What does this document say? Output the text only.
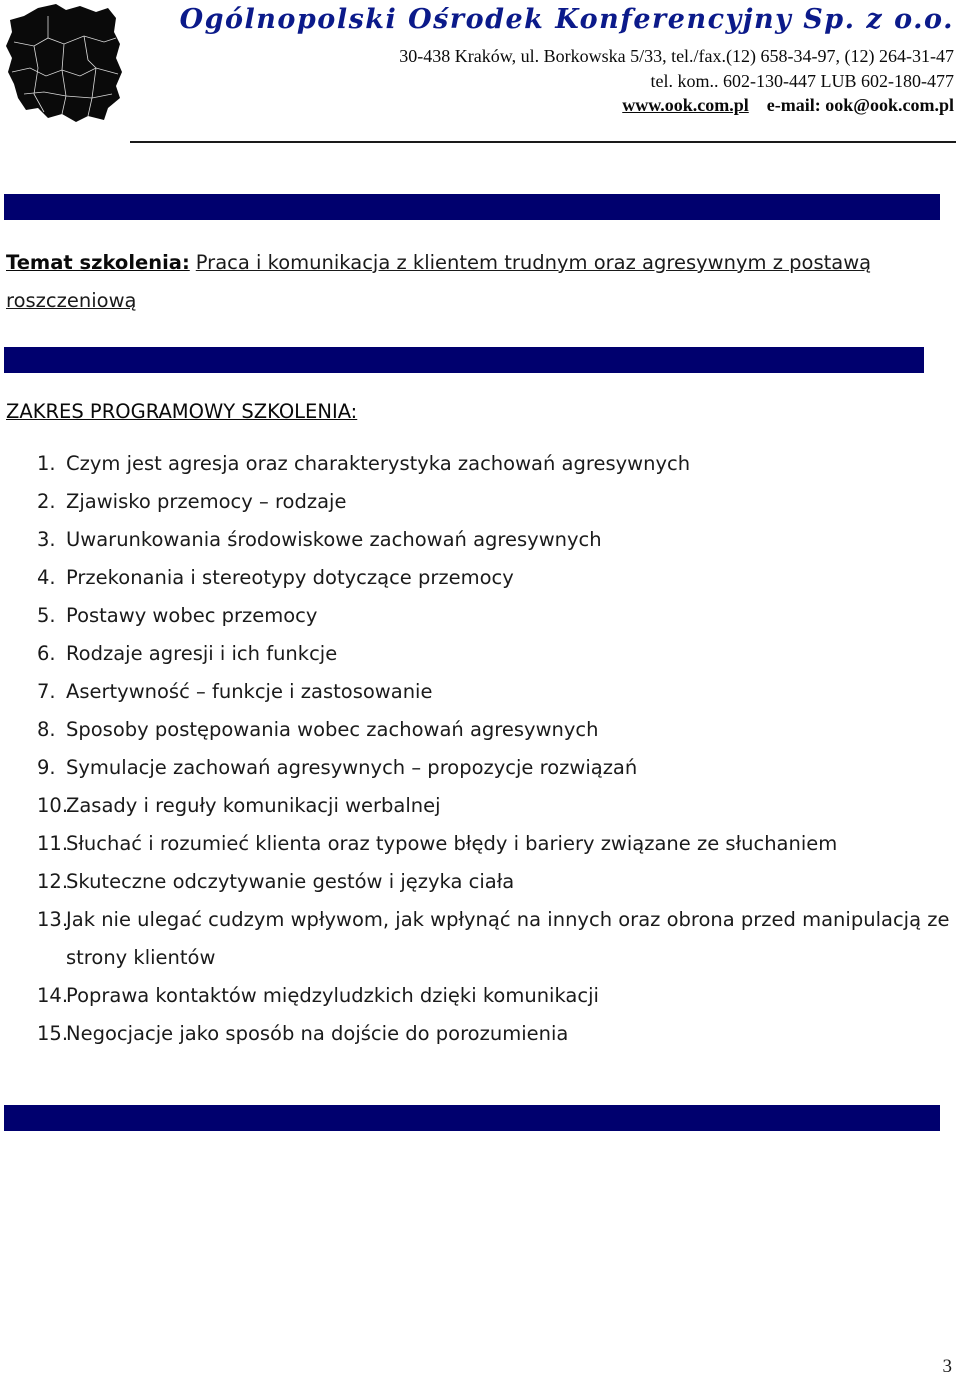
Ogólnopolski Ośrodek Konferencyjny Sp. z o.o.
30-438 Kraków, ul. Borkowska 5/33, tel./fax.(12) 658-34-97, (12) 264-31-47
tel. kom.. 602-130-447 LUB 602-180-477
www.ook.com.pl e-mail: ook@ook.com.pl
Temat szkolenia: Praca i komunikacja z klientem trudnym oraz agresywnym z postawą roszczeniową
ZAKRES PROGRAMOWY SZKOLENIA:
1. Czym jest agresja oraz charakterystyka zachowań agresywnych
2. Zjawisko przemocy – rodzaje
3. Uwarunkowania środowiskowe zachowań agresywnych
4. Przekonania i stereotypy dotyczące przemocy
5. Postawy wobec przemocy
6. Rodzaje agresji i ich funkcje
7. Asertywność – funkcje i zastosowanie
8. Sposoby postępowania wobec zachowań agresywnych
9. Symulacje zachowań agresywnych – propozycje rozwiązań
10.
Zasady i reguły komunikacji werbalnej
11.
Słuchać i rozumieć klienta oraz typowe błędy i bariery związane ze słuchaniem
12.
Skuteczne odczytywanie gestów i języka ciała
13.
Jak nie ulegać cudzym wpływom, jak wpłynąć na innych oraz obrona przed manipulacją ze strony klientów
14.
Poprawa kontaktów międzyludzkich dzięki komunikacji
15.
Negocjacje jako sposób na dojście do porozumienia
3
